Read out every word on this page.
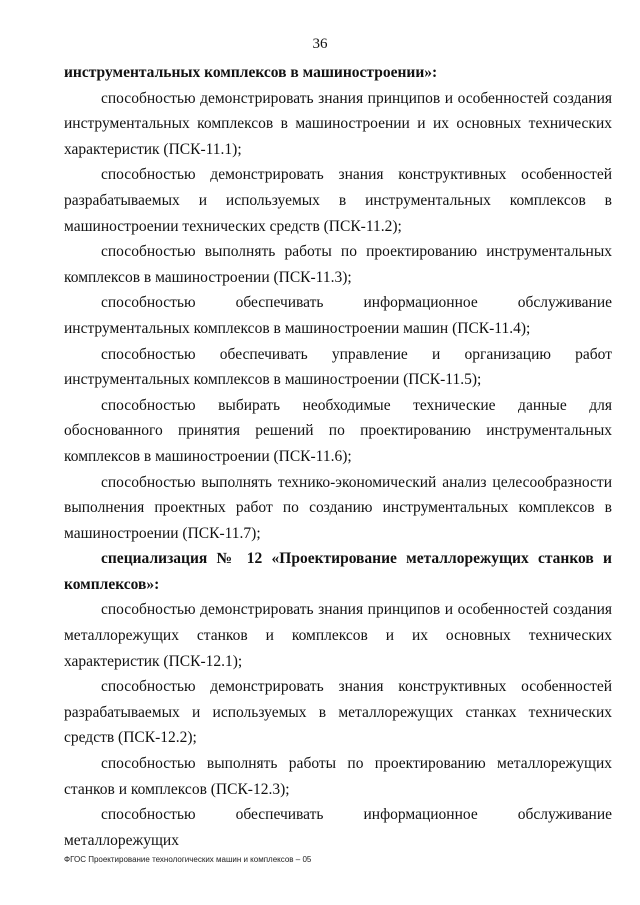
36

инструментальных комплексов в машиностроении»:

способностью демонстрировать знания принципов и особенностей создания инструментальных комплексов в машиностроении и их основных технических характеристик (ПСК-11.1);

способностью демонстрировать знания конструктивных особенностей разрабатываемых и используемых в инструментальных комплексов в машиностроении технических средств (ПСК-11.2);

способностью выполнять работы по проектированию инструментальных комплексов в машиностроении (ПСК-11.3);

способностью обеспечивать информационное обслуживание инструментальных комплексов в машиностроении машин (ПСК-11.4);

способностью обеспечивать управление и организацию работ инструментальных комплексов в машиностроении (ПСК-11.5);

способностью выбирать необходимые технические данные для обоснованного принятия решений по проектированию инструментальных комплексов в машиностроении (ПСК-11.6);

способностью выполнять технико-экономический анализ целесообразности выполнения проектных работ по созданию инструментальных комплексов в машиностроении (ПСК-11.7);

специализация № 12 «Проектирование металлорежущих станков и комплексов»:

способностью демонстрировать знания принципов и особенностей создания металлорежущих станков и комплексов и их основных технических характеристик (ПСК-12.1);

способностью демонстрировать знания конструктивных особенностей разрабатываемых и используемых в металлорежущих станках технических средств (ПСК-12.2);

способностью выполнять работы по проектированию металлорежущих станков и комплексов (ПСК-12.3);

способностью обеспечивать информационное обслуживание металлорежущих

ФГОС Проектирование технологических машин и комплексов – 05
